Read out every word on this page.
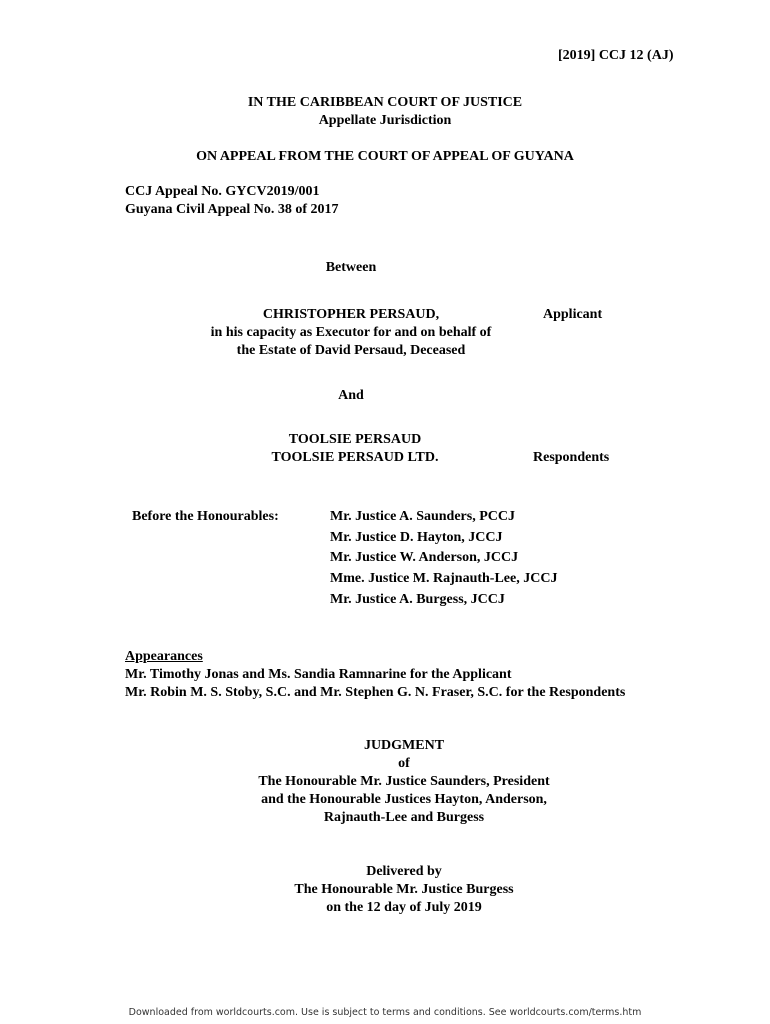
[2019] CCJ 12 (AJ)
IN THE CARIBBEAN COURT OF JUSTICE
Appellate Jurisdiction
ON APPEAL FROM THE COURT OF APPEAL OF GUYANA
CCJ Appeal No. GYCV2019/001
Guyana Civil Appeal No. 38 of 2017
Between
CHRISTOPHER PERSAUD,
in his capacity as Executor for and on behalf of
the Estate of David Persaud, Deceased
Applicant
And
TOOLSIE PERSAUD
TOOLSIE PERSAUD LTD.	Respondents
Before the Honourables:	Mr. Justice A. Saunders, PCCJ
Mr. Justice D. Hayton, JCCJ
Mr. Justice W. Anderson, JCCJ
Mme. Justice M. Rajnauth-Lee, JCCJ
Mr. Justice A. Burgess, JCCJ
Appearances
Mr. Timothy Jonas and Ms. Sandia Ramnarine for the Applicant
Mr. Robin M. S. Stoby, S.C. and Mr. Stephen G. N. Fraser, S.C. for the Respondents
JUDGMENT
of
The Honourable Mr. Justice Saunders, President
and the Honourable Justices Hayton, Anderson,
Rajnauth-Lee and Burgess
Delivered by
The Honourable Mr. Justice Burgess
on the 12 day of July 2019
Downloaded from worldcourts.com. Use is subject to terms and conditions. See worldcourts.com/terms.htm
